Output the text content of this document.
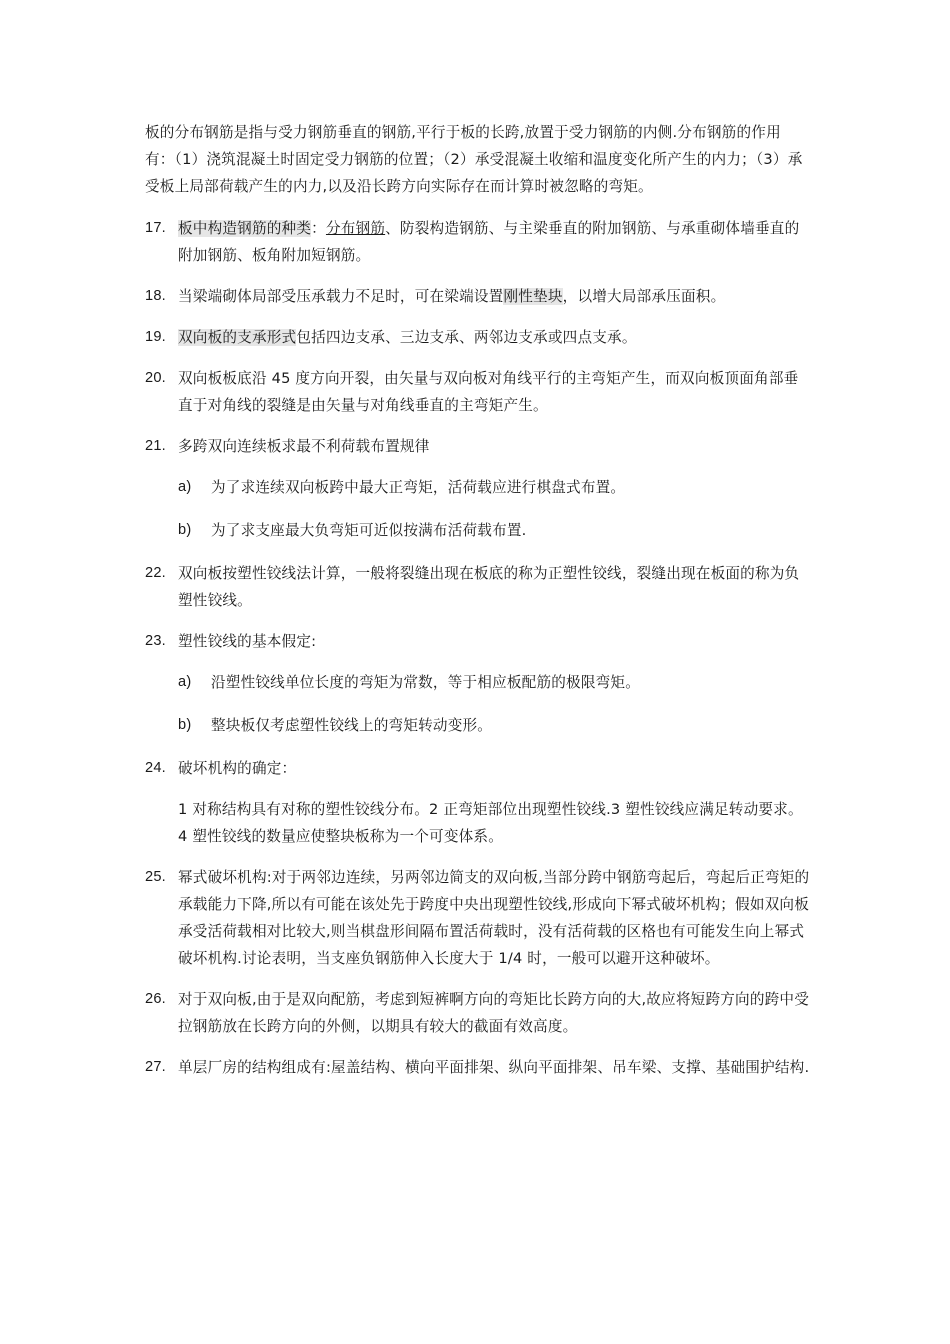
板的分布钢筋是指与受力钢筋垂直的钢筋,平行于板的长跨,放置于受力钢筋的内侧.分布钢筋的作用有：（1）浇筑混凝土时固定受力钢筋的位置；（2）承受混凝土收缩和温度变化所产生的内力；（3）承受板上局部荷载产生的内力,以及沿长跨方向实际存在而计算时被忽略的弯矩。

17. 板中构造钢筋的种类：分布钢筋、防裂构造钢筋、与主梁垂直的附加钢筋、与承重砌体墙垂直的附加钢筋、板角附加短钢筋。
18. 当梁端砌体局部受压承载力不足时，可在梁端设置刚性垫块，以增大局部承压面积。
19. 双向板的支承形式包括四边支承、三边支承、两邻边支承或四点支承。
20. 双向板板底沿 45 度方向开裂，由矢量与双向板对角线平行的主弯矩产生，而双向板顶面角部垂直于对角线的裂缝是由矢量与对角线垂直的主弯矩产生。
21. 多跨双向连续板求最不利荷载布置规律
a) 为了求连续双向板跨中最大正弯矩，活荷载应进行棋盘式布置。
b) 为了求支座最大负弯矩可近似按满布活荷载布置.
22. 双向板按塑性铰线法计算，一般将裂缝出现在板底的称为正塑性铰线，裂缝出现在板面的称为负塑性铰线。
23. 塑性铰线的基本假定:
a) 沿塑性铰线单位长度的弯矩为常数，等于相应板配筋的极限弯矩。
b) 整块板仅考虑塑性铰线上的弯矩转动变形。
24. 破坏机构的确定：

1 对称结构具有对称的塑性铰线分布。2 正弯矩部位出现塑性铰线.3 塑性铰线应满足转动要求。4 塑性铰线的数量应使整块板称为一个可变体系。

25. 幂式破坏机构:对于两邻边连续，另两邻边简支的双向板,当部分跨中钢筋弯起后，弯起后正弯矩的承载能力下降,所以有可能在该处先于跨度中央出现塑性铰线,形成向下幂式破坏机构；假如双向板承受活荷载相对比较大,则当棋盘形间隔布置活荷载时，没有活荷载的区格也有可能发生向上幂式破坏机构.讨论表明，当支座负钢筋伸入长度大于 1/4 时，一般可以避开这种破坏。
26. 对于双向板,由于是双向配筋，考虑到短裤啊方向的弯矩比长跨方向的大,故应将短跨方向的跨中受拉钢筋放在长跨方向的外侧，以期具有较大的截面有效高度。
27. 单层厂房的结构组成有:屋盖结构、横向平面排架、纵向平面排架、吊车梁、支撑、基础围护结构.
